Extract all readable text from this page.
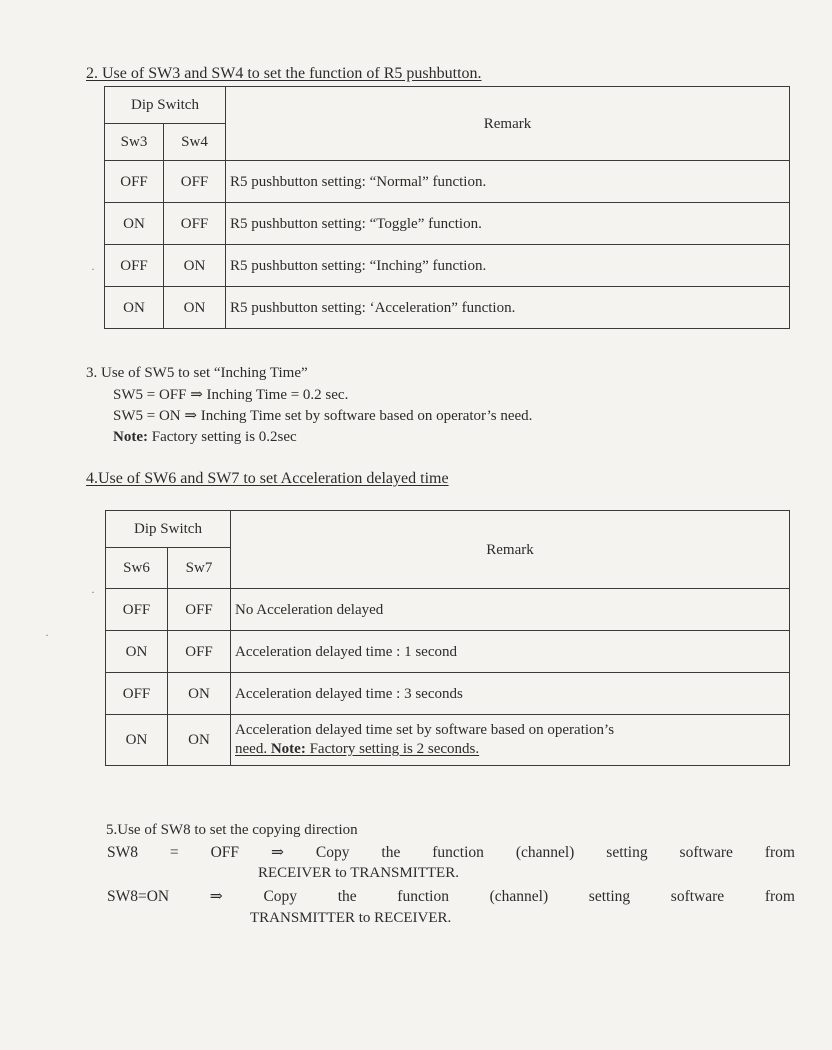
2. Use of SW3 and SW4 to set the function of R5 pushbutton.
Dip Switch		Remark
Sw3	Sw4	
OFF	OFF	R5 pushbutton setting: “Normal” function.
ON	OFF	R5 pushbutton setting: “Toggle” function.
OFF	ON	R5 pushbutton setting: “Inching” function.
ON	ON	R5 pushbutton setting: ‘Acceleration” function.
·
3. Use of SW5 to set “Inching Time”
SW5 = OFF ⇒ Inching Time = 0.2 sec.
SW5 = ON ⇒ Inching Time set by software based on operator’s need.
Note: Factory setting is 0.2sec
4.Use of SW6 and SW7 to set Acceleration delayed time
Dip Switch		Remark
Sw6	Sw7	
OFF	OFF	No Acceleration delayed
ON	OFF	Acceleration delayed time : 1 second
OFF	ON	Acceleration delayed time : 3 seconds
ON	ON	Acceleration delayed time set by software based on operation’s
need. Note: Factory setting is 2 seconds.
·
·
5.Use of SW8 to set the copying direction
SW8 = OFF ⇒ Copy the function (channel) setting software from
RECEIVER to TRANSMITTER.
SW8=ON	⇒	Copy	the	function	(channel)	setting	software	from
TRANSMITTER to RECEIVER.
